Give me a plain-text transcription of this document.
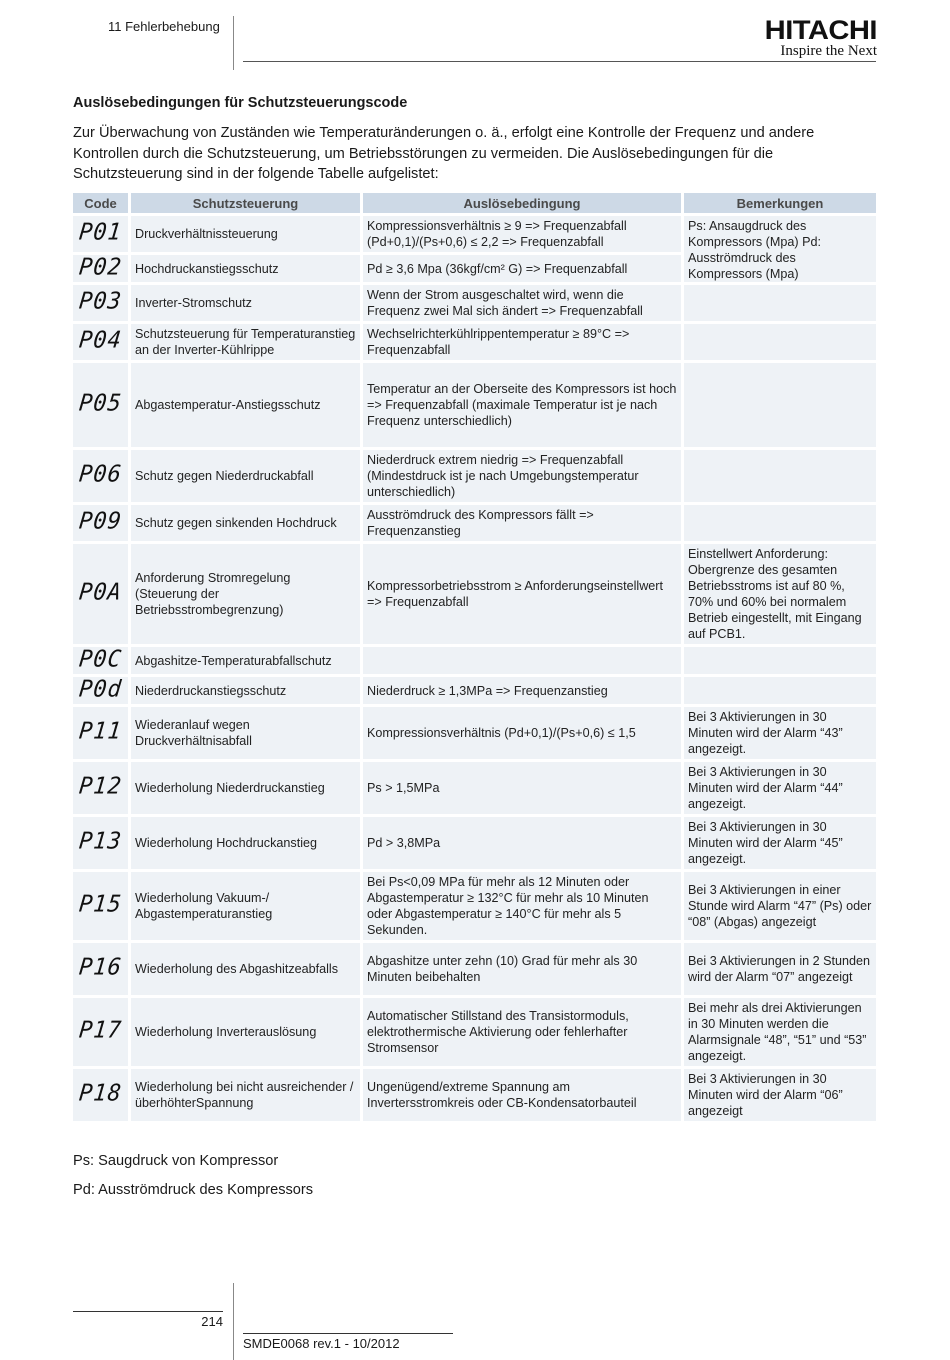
11 Fehlerbehebung	HITACHI
Inspire the Next
Auslösebedingungen für Schutzsteuerungscode
Zur Überwachung von Zuständen wie Temperaturänderungen o. ä., erfolgt eine Kontrolle der Frequenz und andere Kontrollen durch die Schutzsteuerung, um Betriebsstörungen zu vermeiden. Die Auslösebedingungen für die Schutzsteuerung sind in der folgende Tabelle aufgelistet:
Code	Schutzsteuerung	Auslösebedingung	Bemerkungen
P01	Druckverhältnissteuerung	Kompressionsverhältnis ≥ 9 => Frequenzabfall (Pd+0,1)/(Ps+0,6) ≤ 2,2 => Frequenzabfall	Ps: Ansaugdruck des Kompressors (Mpa) Pd: Ausströmdruck des Kompressors (Mpa)
P02	Hochdruckanstiegsschutz	Pd ≥ 3,6 Mpa (36kgf/cm² G) => Frequenzabfall	
P03	Inverter-Stromschutz	Wenn der Strom ausgeschaltet wird, wenn die Frequenz zwei Mal sich ändert => Frequenzabfall	
P04	Schutzsteuerung für Temperaturanstieg an der Inverter-Kühlrippe	Wechselrichterkühlrippentemperatur ≥ 89°C => Frequenzabfall	
P05	Abgastemperatur-Anstiegsschutz	Temperatur an der Oberseite des Kompressors ist hoch => Frequenzabfall (maximale Temperatur ist je nach Frequenz unterschiedlich)	
P06	Schutz gegen Niederdruckabfall	Niederdruck extrem niedrig => Frequenzabfall (Mindestdruck ist je nach Umgebungstemperatur unterschiedlich)	
P09	Schutz gegen sinkenden Hochdruck	Ausströmdruck des Kompressors fällt => Frequenzanstieg	
P0A	Anforderung Stromregelung (Steuerung der Betriebsstrombegrenzung)	Kompressorbetriebsstrom ≥ Anforderungseinstellwert => Frequenzabfall	Einstellwert Anforderung: Obergrenze des gesamten Betriebsstroms ist auf 80 %, 70% und 60% bei normalem Betrieb eingestellt, mit Eingang auf PCB1.
P0C	Abgashitze-Temperaturabfallschutz		
P0d	Niederdruckanstiegsschutz	Niederdruck ≥ 1,3MPa => Frequenzanstieg	
P11	Wiederanlauf wegen Druckverhältnisabfall	Kompressionsverhältnis (Pd+0,1)/(Ps+0,6) ≤ 1,5	Bei 3 Aktivierungen in 30 Minuten wird der Alarm “43” angezeigt.
P12	Wiederholung Niederdruckanstieg	Ps > 1,5MPa	Bei 3 Aktivierungen in 30 Minuten wird der Alarm “44” angezeigt.
P13	Wiederholung Hochdruckanstieg	Pd > 3,8MPa	Bei 3 Aktivierungen in 30 Minuten wird der Alarm “45” angezeigt.
P15	Wiederholung Vakuum-/ Abgastemperaturanstieg	Bei Ps<0,09 MPa für mehr als 12 Minuten oder Abgastemperatur ≥ 132°C für mehr als 10 Minuten oder Abgastemperatur ≥ 140°C für mehr als 5 Sekunden.	Bei 3 Aktivierungen in einer Stunde wird Alarm “47” (Ps) oder “08” (Abgas) angezeigt
P16	Wiederholung des Abgashitzeabfalls	Abgashitze unter zehn (10) Grad für mehr als 30 Minuten beibehalten	Bei 3 Aktivierungen in 2 Stunden wird der Alarm “07” angezeigt
P17	Wiederholung Inverterauslösung	Automatischer Stillstand des Transistormoduls, elektrothermische Aktivierung oder fehlerhafter Stromsensor	Bei mehr als drei Aktivierungen in 30 Minuten werden die Alarmsignale “48”, “51” und “53” angezeigt.
P18	Wiederholung bei nicht ausreichender /überhöhterSpannung	Ungenügend/extreme Spannung am Invertersstromkreis oder CB-Kondensatorbauteil	Bei 3 Aktivierungen in 30 Minuten wird der Alarm “06” angezeigt
Ps: Saugdruck von Kompressor
Pd: Ausströmdruck des Kompressors
214
SMDE0068 rev.1 - 10/2012
